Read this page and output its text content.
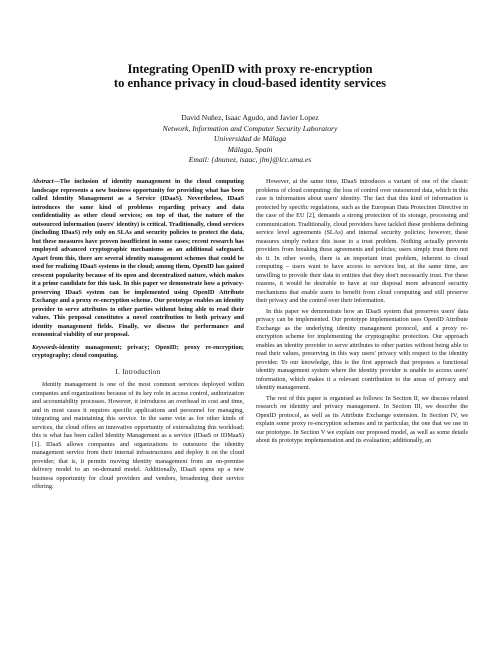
Integrating OpenID with proxy re-encryption
to enhance privacy in cloud-based identity services
David Nuñez, Isaac Agudo, and Javier Lopez
Network, Information and Computer Security Laboratory
Universidad de Málaga
Málaga, Spain
Email: {dnunez, isaac, jlm}@lcc.uma.es

Abstract—The inclusion of identity management in the cloud computing landscape represents a new business opportunity for providing what has been called Identity Management as a Service (IDaaS). Nevertheless, IDaaS introduces the same kind of problems regarding privacy and data confidentiality as other cloud services; on top of that, the nature of the outsourced information (users' identity) is critical. Traditionally, cloud services (including IDaaS) rely only on SLAs and security policies to protect the data, but these measures have proven insufficient in some cases; recent research has employed advanced cryptographic mechanisms as an additional safeguard. Apart from this, there are several identity management schemes that could be used for realizing IDaaS systems in the cloud; among them, OpenID has gained crescent popularity because of its open and decentralized nature, which makes it a prime candidate for this task. In this paper we demonstrate how a privacy-preserving IDaaS system can be implemented using OpenID Attribute Exchange and a proxy re-encryption scheme. Our prototype enables an identity provider to serve attributes to other parties without being able to read their values. This proposal constitutes a novel contribution to both privacy and identity management fields. Finally, we discuss the performance and economical viability of our proposal.

Keywords-identity management; privacy; OpenID; proxy re-encryption; cryptography; cloud computing.

I. Introduction

Identity management is one of the most common services deployed within companies and organizations because of its key role in access control, authorization and accountability processes. However, it introduces an overhead in cost and time, and in most cases it requires specific applications and personnel for managing, integrating and maintaining this service. In the same vein as for other kinds of services, the cloud offers an innovative opportunity of externalizing this workload; this is what has been called Identity Management as a service (IDaaS or IDMaaS) [1]. IDaaS allows companies and organizations to outsource the identity management service from their internal infrastructures and deploy it on the cloud provider; that is, it permits moving identity management from an on-premise delivery model to an on-demand model. Additionally, IDaaS opens up a new business opportunity for cloud providers and vendors, broadening their service offering.

However, at the same time, IDaaS introduces a variant of one of the classic problems of cloud computing: the loss of control over outsourced data, which in this case is information about users' identity. The fact that this kind of information is protected by specific regulations, such as the European Data Protection Directive in the case of the EU [2], demands a strong protection of its storage, processing and communication. Traditionally, cloud providers have tackled these problems defining service level agreements (SLAs) and internal security policies; however, these measures simply reduce this issue to a trust problem. Nothing actually prevents providers from breaking these agreements and policies; users simply trust them not do it. In other words, there is an important trust problem, inherent to cloud computing – users want to have access to services but, at the same time, are unwilling to provide their data to entities that they don't necessarily trust. For these reasons, it would be desirable to have at our disposal more advanced security mechanisms that enable users to benefit from cloud computing and still preserve their privacy and the control over their information.

In this paper we demonstrate how an IDaaS system that preserves users' data privacy can be implemented. Our prototype implementation uses OpenID Attribute Exchange as the underlying identity management protocol, and a proxy re-encryption scheme for implementing the cryptographic protection. Our approach enables an identity provider to serve attributes to other parties without being able to read their values, preserving in this way users' privacy with respect to the identity provider. To our knowledge, this is the first approach that proposes a functional identity management system where the identity provider is unable to access users' information, which makes it a relevant contribution to the areas of privacy and identity management.

The rest of this paper is organised as follows: In Section II, we discuss related research on identity and privacy management. In Section III, we describe the OpenID protocol, as well as its Attribute Exchange extension. In Section IV, we explain some proxy re-encryption schemes and in particular, the one that we use in our prototype. In Section V we explain our proposed model, as well as some details about its prototype implementation and its evaluation; additionally, an
